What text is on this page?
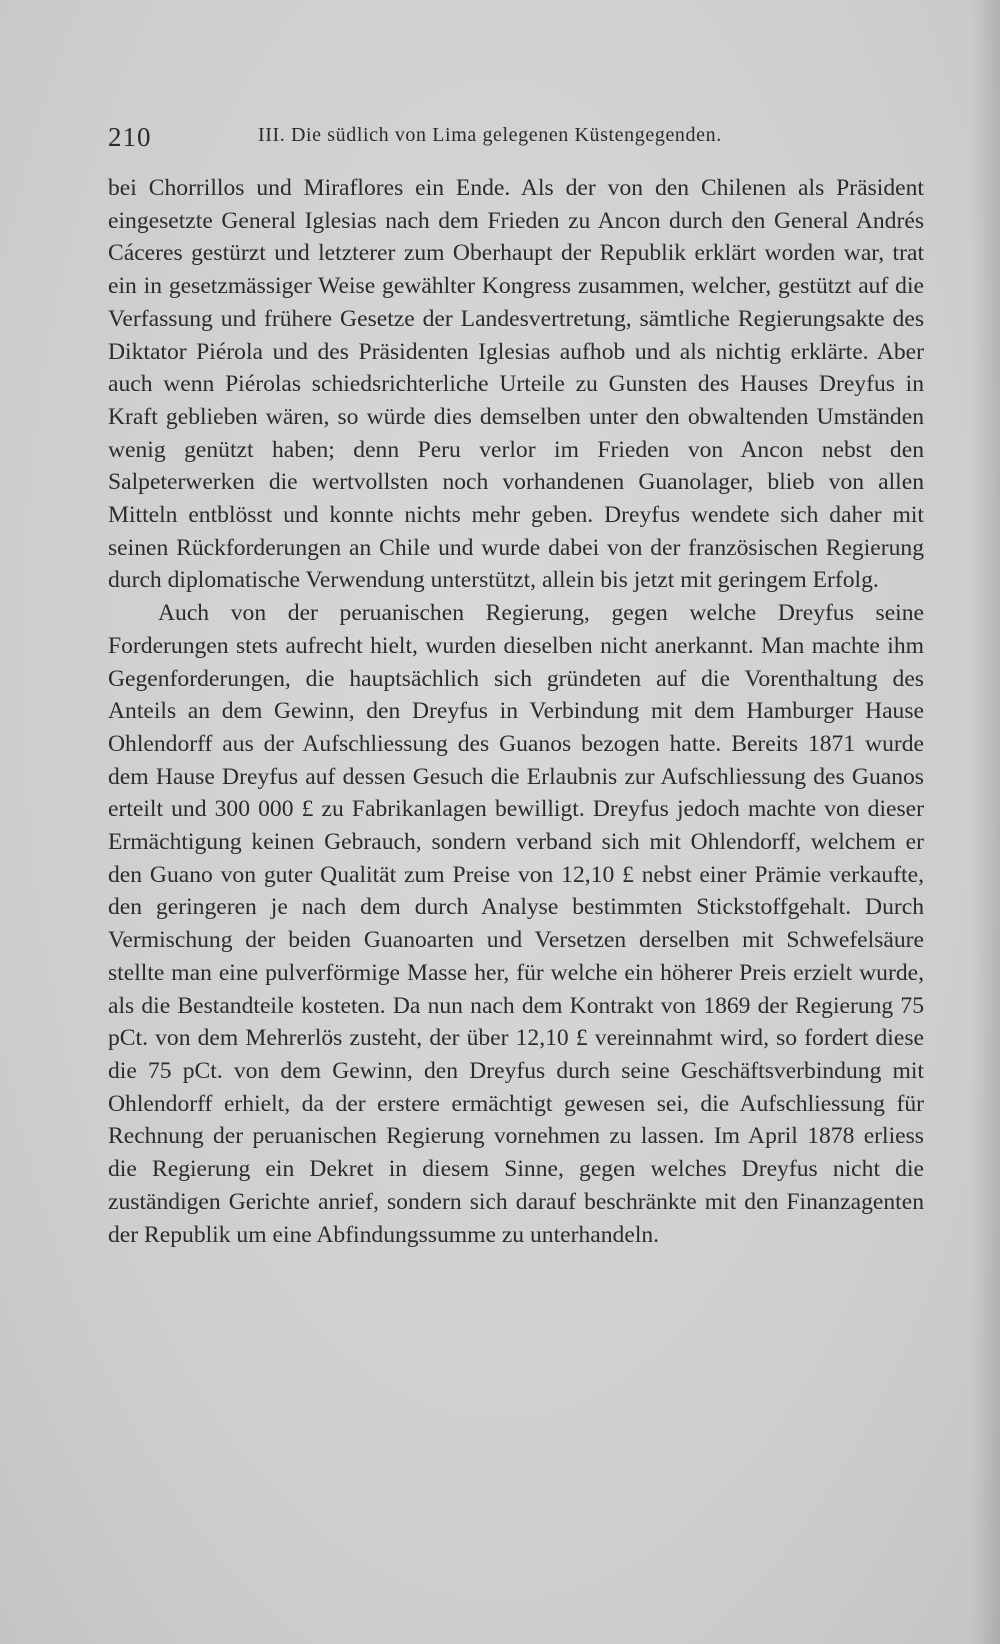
210	III. Die südlich von Lima gelegenen Küstengegenden.

bei Chorrillos und Miraflores ein Ende. Als der von den Chilenen als Präsident eingesetzte General Iglesias nach dem Frieden zu Ancon durch den General Andrés Cáceres gestürzt und letzterer zum Oberhaupt der Republik erklärt worden war, trat ein in gesetzmässiger Weise gewählter Kongress zusammen, welcher, gestützt auf die Verfassung und frühere Gesetze der Landesvertretung, sämtliche Regierungsakte des Diktator Piérola und des Präsidenten Iglesias aufhob und als nichtig erklärte. Aber auch wenn Piérolas schiedsrichterliche Urteile zu Gunsten des Hauses Dreyfus in Kraft geblieben wären, so würde dies demselben unter den obwaltenden Umständen wenig genützt haben; denn Peru verlor im Frieden von Ancon nebst den Salpeterwerken die wertvollsten noch vorhandenen Guanolager, blieb von allen Mitteln entblösst und konnte nichts mehr geben. Dreyfus wendete sich daher mit seinen Rückforderungen an Chile und wurde dabei von der französischen Regierung durch diplomatische Verwendung unterstützt, allein bis jetzt mit geringem Erfolg.

Auch von der peruanischen Regierung, gegen welche Dreyfus seine Forderungen stets aufrecht hielt, wurden dieselben nicht anerkannt. Man machte ihm Gegenforderungen, die hauptsächlich sich gründeten auf die Vorenthaltung des Anteils an dem Gewinn, den Dreyfus in Verbindung mit dem Hamburger Hause Ohlendorff aus der Aufschliessung des Guanos bezogen hatte. Bereits 1871 wurde dem Hause Dreyfus auf dessen Gesuch die Erlaubnis zur Aufschliessung des Guanos erteilt und 300 000 £ zu Fabrikanlagen bewilligt. Dreyfus jedoch machte von dieser Ermächtigung keinen Gebrauch, sondern verband sich mit Ohlendorff, welchem er den Guano von guter Qualität zum Preise von 12,10 £ nebst einer Prämie verkaufte, den geringeren je nach dem durch Analyse bestimmten Stickstoffgehalt. Durch Vermischung der beiden Guanoarten und Versetzen derselben mit Schwefelsäure stellte man eine pulverförmige Masse her, für welche ein höherer Preis erzielt wurde, als die Bestandteile kosteten. Da nun nach dem Kontrakt von 1869 der Regierung 75 pCt. von dem Mehrerlös zusteht, der über 12,10 £ vereinnahmt wird, so fordert diese die 75 pCt. von dem Gewinn, den Dreyfus durch seine Geschäftsverbindung mit Ohlendorff erhielt, da der erstere ermächtigt gewesen sei, die Aufschliessung für Rechnung der peruanischen Regierung vornehmen zu lassen. Im April 1878 erliess die Regierung ein Dekret in diesem Sinne, gegen welches Dreyfus nicht die zuständigen Gerichte anrief, sondern sich darauf beschränkte mit den Finanzagenten der Republik um eine Abfindungssumme zu unterhandeln.
